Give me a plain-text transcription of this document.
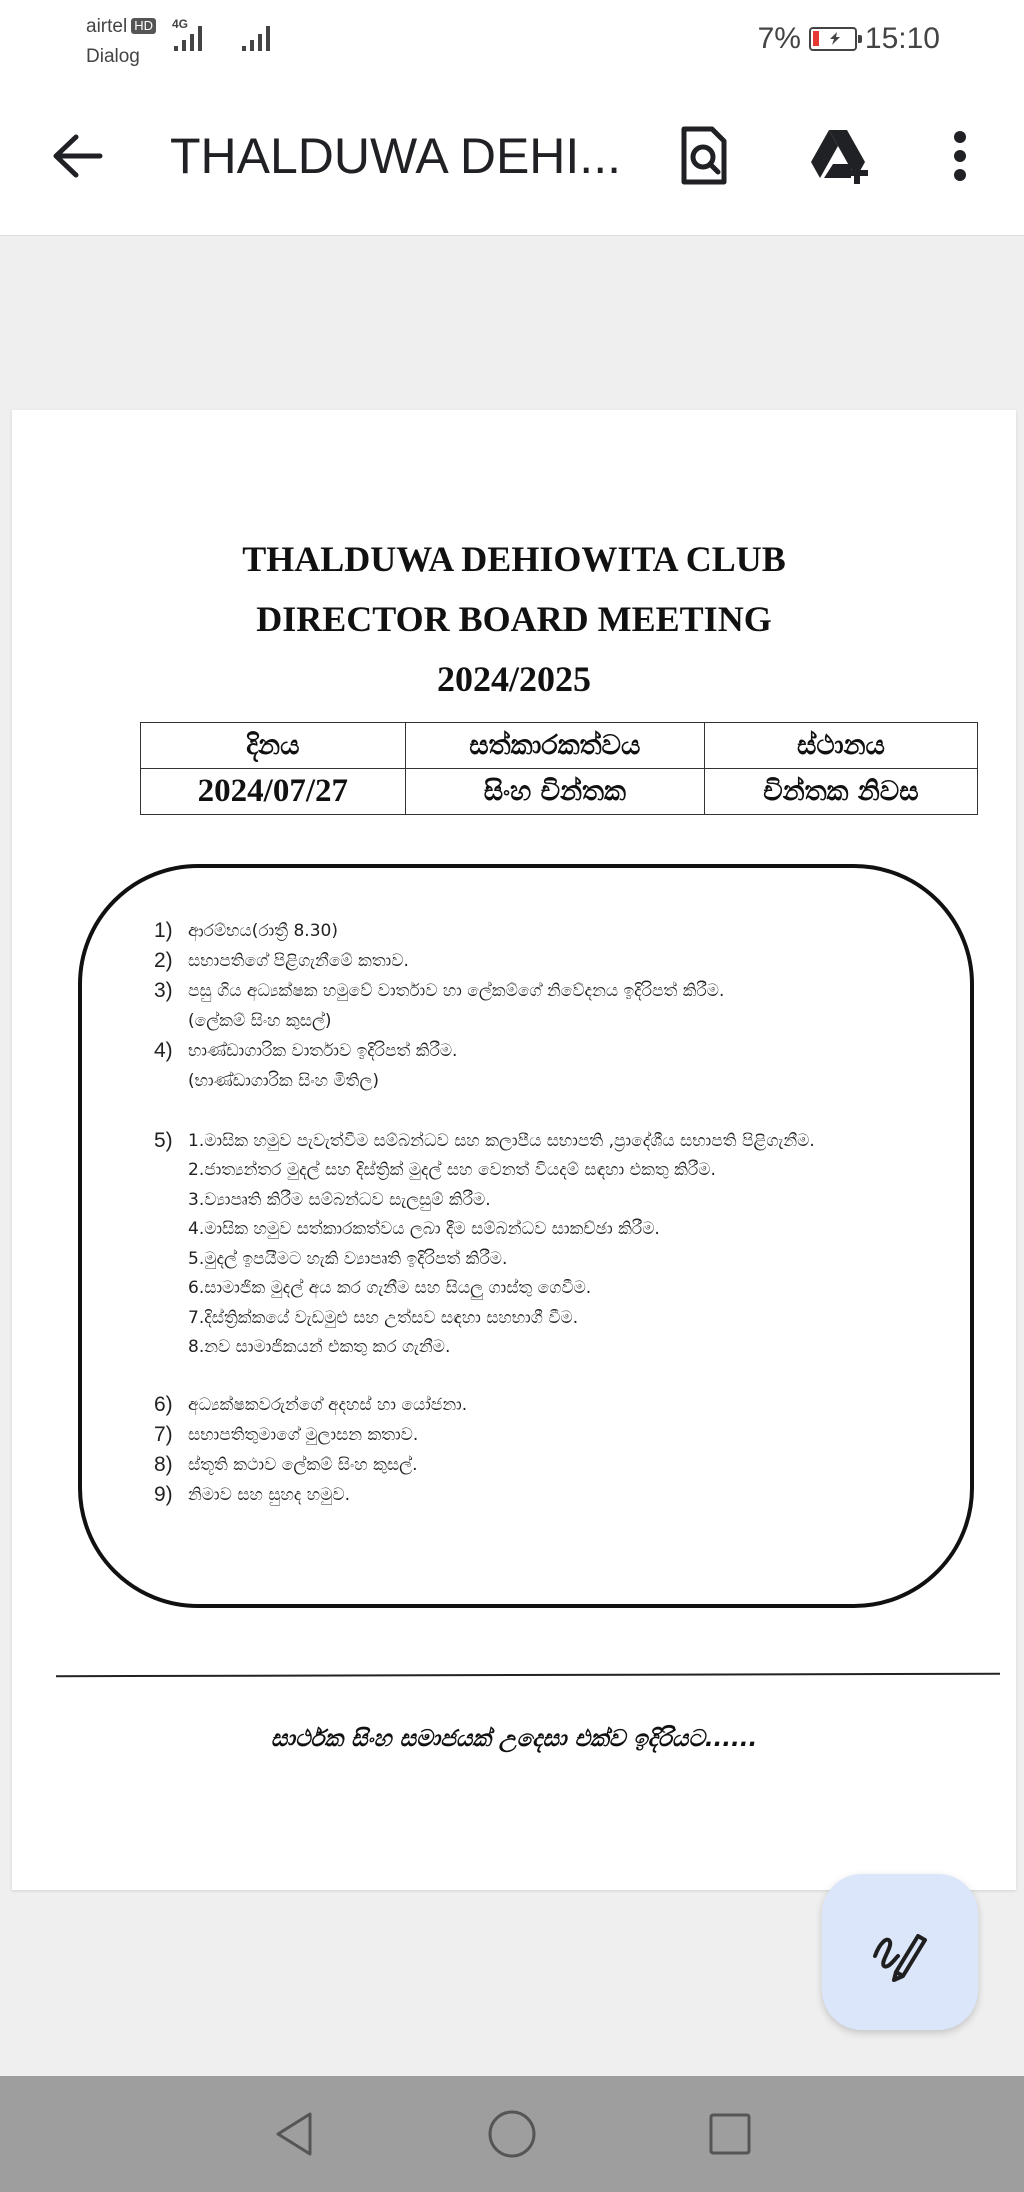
airtel HD
Dialog
4G	7% 15:10
THALDUWA DEHI...
THALDUWA DEHIOWITA CLUB
DIRECTOR BOARD MEETING
2024/2025
දිනය	සත්කාරකත්වය	ස්ථානය
2024/07/27	සිංහ චින්තක	චින්තක නිවස
1) ආරම්භය(රාත්‍රී 8.30)
2) සභාපතිගේ පිළිගැනීමේ කතාව.
3) පසු ගිය අධ්‍යක්ෂක හමුවේ වාර්තාව හා ලේකම්ගේ නිවේදනය ඉදිරිපත් කිරීම.
(ලේකම් සිංහ කුසල්)
4) භාණ්ඩාගාරික වාර්තාව ඉදිරිපත් කිරීම.
(භාණ්ඩාගාරික සිංහ මිතිල)
5) 1.මාසික හමුව පැවැත්වීම සම්බන්ධව සහ කලාපීය සභාපති ,ප්‍රාදේශීය සභාපති පිළිගැනීම.
2.ජාත්‍යන්තර මුදල් සහ දිස්ත්‍රික් මුදල් සහ වෙනත් වියදම් සඳහා එකතු කිරීම.
3.ව්‍යාපෘති කිරීම සම්බන්ධව සැලසුම් කිරීම.
4.මාසික හමුව සත්කාරකත්වය ලබා දීම සම්බන්ධව සාකච්ඡා කිරීම.
5.මුදල් ඉපයීමට හැකි ව්‍යාපෘති ඉදිරිපත් කිරීම.
6.සාමාජික මුදල් අය කර ගැනීම සහ සියලු ගාස්තු ගෙවීම.
7.දිස්ත්‍රික්කයේ වැඩමුළු සහ උත්සව සඳහා සහභාගී වීම.
8.නව සාමාජිකයන් එකතු කර ගැනීම.
6) අධ්‍යක්ෂකවරුන්ගේ අදහස් හා යෝජනා.
7) සභාපතිතුමාගේ මුලාසන කතාව.
8) ස්තූති කථාව ලේකම් සිංහ කුසල්.
9) නිමාව සහ සුහද හමුව.
සාර්ථක සිංහ සමාජයක් උදෙසා එක්ව ඉදිරියට......
